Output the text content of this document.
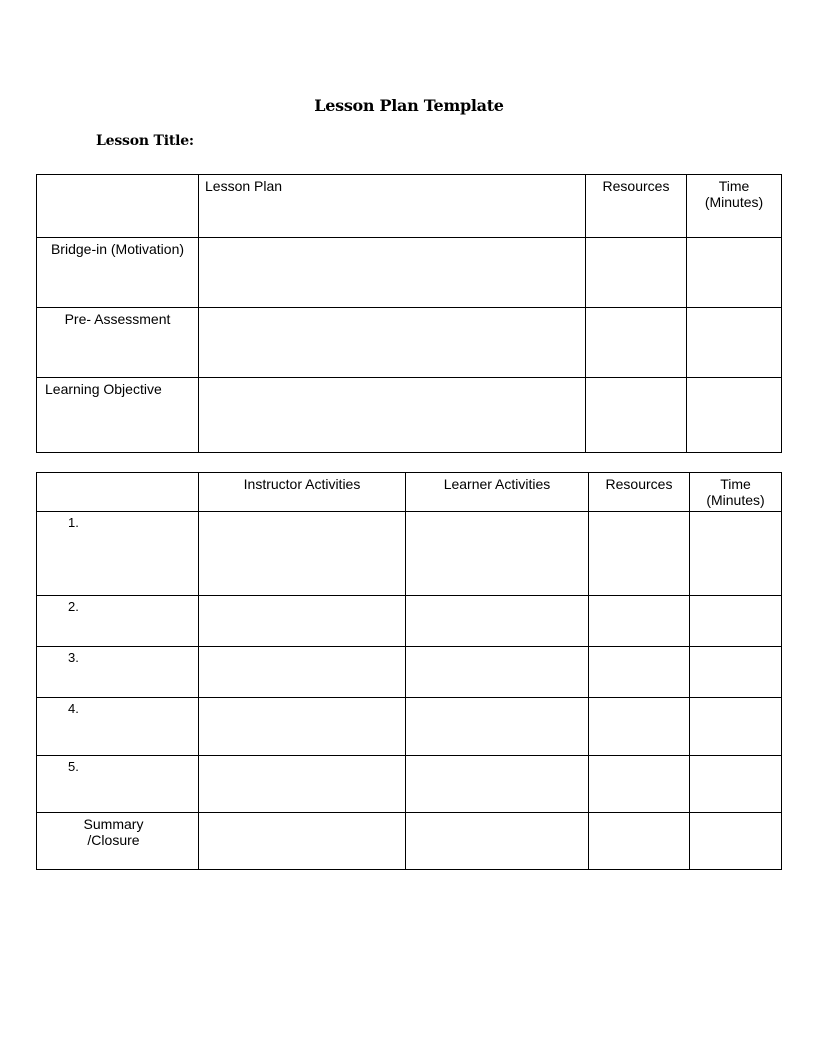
Lesson Plan Template
Lesson Title:
	Lesson Plan	Resources	Time (Minutes)
Bridge-in (Motivation)			
Pre- Assessment			
Learning Objective			
	Instructor Activities	Learner Activities	Resources	Time (Minutes)
1.				
2.				
3.				
4.				
5.				
Summary /Closure				
